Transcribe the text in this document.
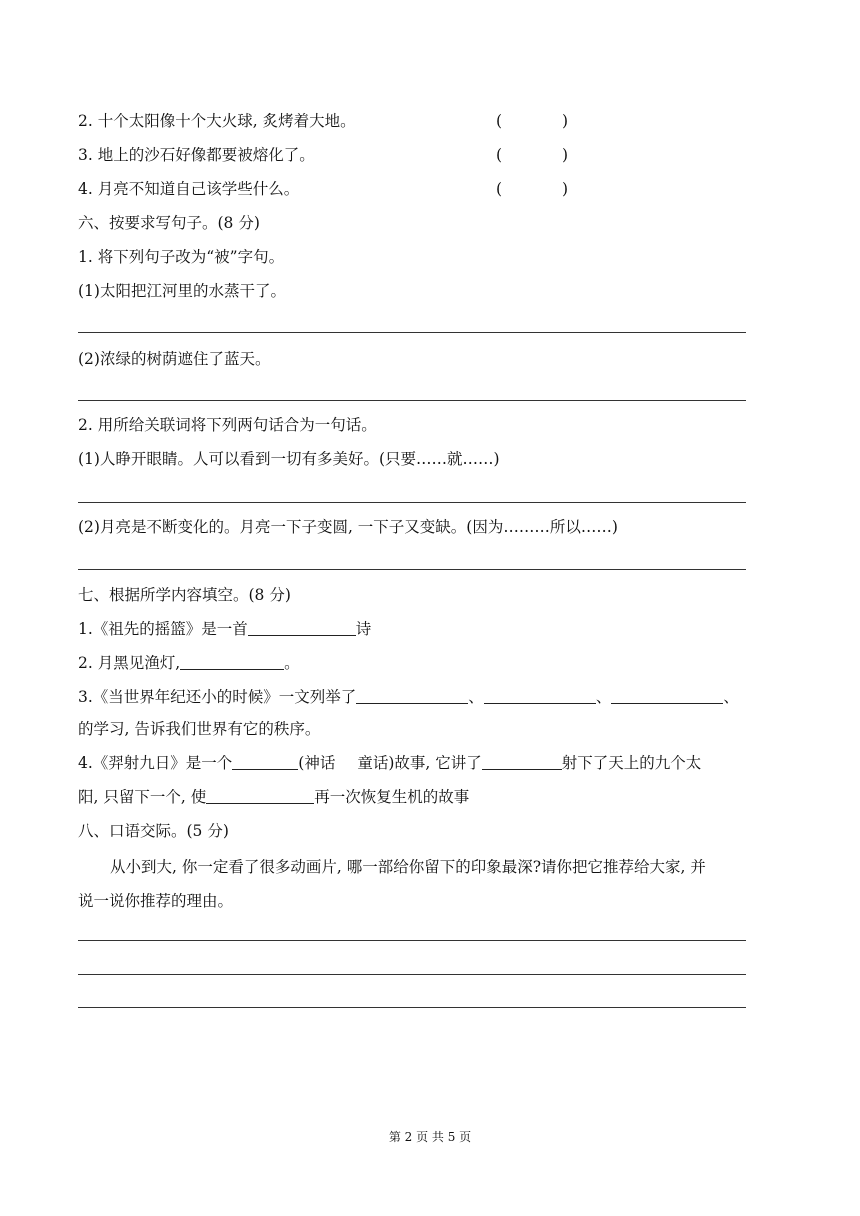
2. 十个太阳像十个大火球, 炙烤着大地。	(	)
3. 地上的沙石好像都要被熔化了。	(	)
4. 月亮不知道自己该学些什么。	(	)
六、按要求写句子。(8 分)
1. 将下列句子改为“被”字句。
(1)太阳把江河里的水蒸干了。
(2)浓绿的树荫遮住了蓝天。
2. 用所给关联词将下列两句话合为一句话。
(1)人睁开眼睛。人可以看到一切有多美好。(只要……就……)
(2)月亮是不断变化的。月亮一下子变圆, 一下子又变缺。(因为………所以……)
七、根据所学内容填空。(8 分)
1.《祖先的摇篮》是一首	诗
2. 月黑见渔灯,	。
3.《当世界年纪还小的时候》一文列举了	、	、	、
的学习, 告诉我们世界有它的秩序。
4.《羿射九日》是一个	(神话 童话)故事, 它讲了	射下了天上的九个太
阳, 只留下一个, 使	再一次恢复生机的故事
八、口语交际。(5 分)
从小到大, 你一定看了很多动画片, 哪一部给你留下的印象最深?请你把它推荐给大家, 并
说一说你推荐的理由。
第 2 页 共 5 页
